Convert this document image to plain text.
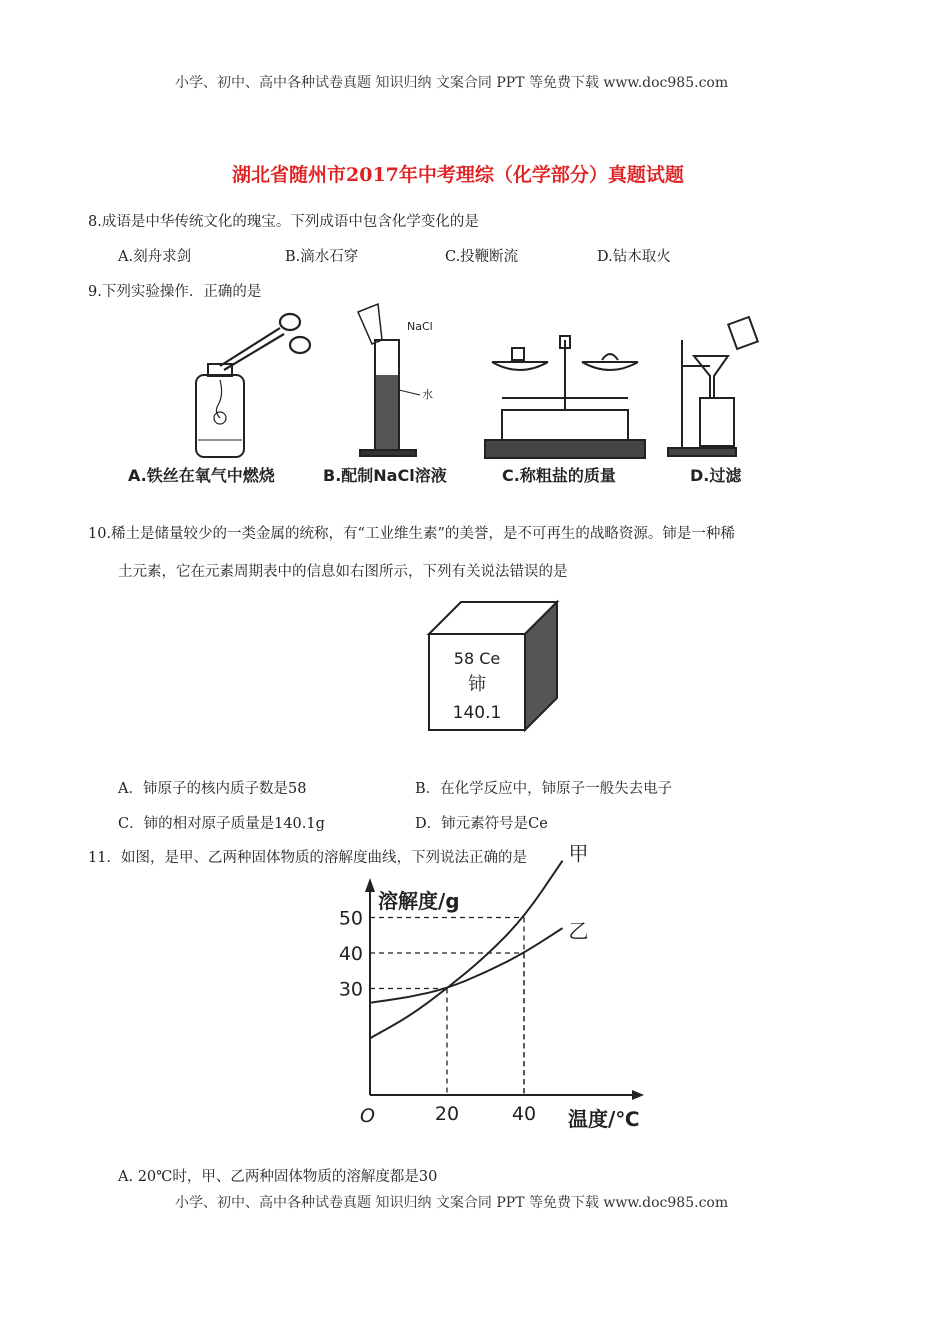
小学、初中、高中各种试卷真题 知识归纳 文案合同 PPT 等免费下载 www.doc985.com
湖北省随州市2017年中考理综（化学部分）真题试题
8.成语是中华传统文化的瑰宝。下列成语中包含化学变化的是
A.刻舟求剑	B.滴水石穿	C.投鞭断流	D.钻木取火
9.下列实验操作．正确的是
NaCl
水
A.铁丝在氧气中燃烧	B.配制NaCl溶液	C.称粗盐的质量	D.过滤
10.稀土是储量较少的一类金属的统称，有“工业维生素”的美誉，是不可再生的战略资源。铈是一种稀
土元素，它在元素周期表中的信息如右图所示，下列有关说法错误的是
58 Ce
铈
140.1
A．铈原子的核内质子数是58	B．在化学反应中，铈原子一般失去电子
C．铈的相对原子质量是140.1g	D．铈元素符号是Ce
11．如图，是甲、乙两种固体物质的溶解度曲线，下列说法正确的是
20	40
30
40
50
溶解度/g
温度/℃
O
甲
乙
A. 20℃时，甲、乙两种固体物质的溶解度都是30
小学、初中、高中各种试卷真题 知识归纳 文案合同 PPT 等免费下载 www.doc985.com
